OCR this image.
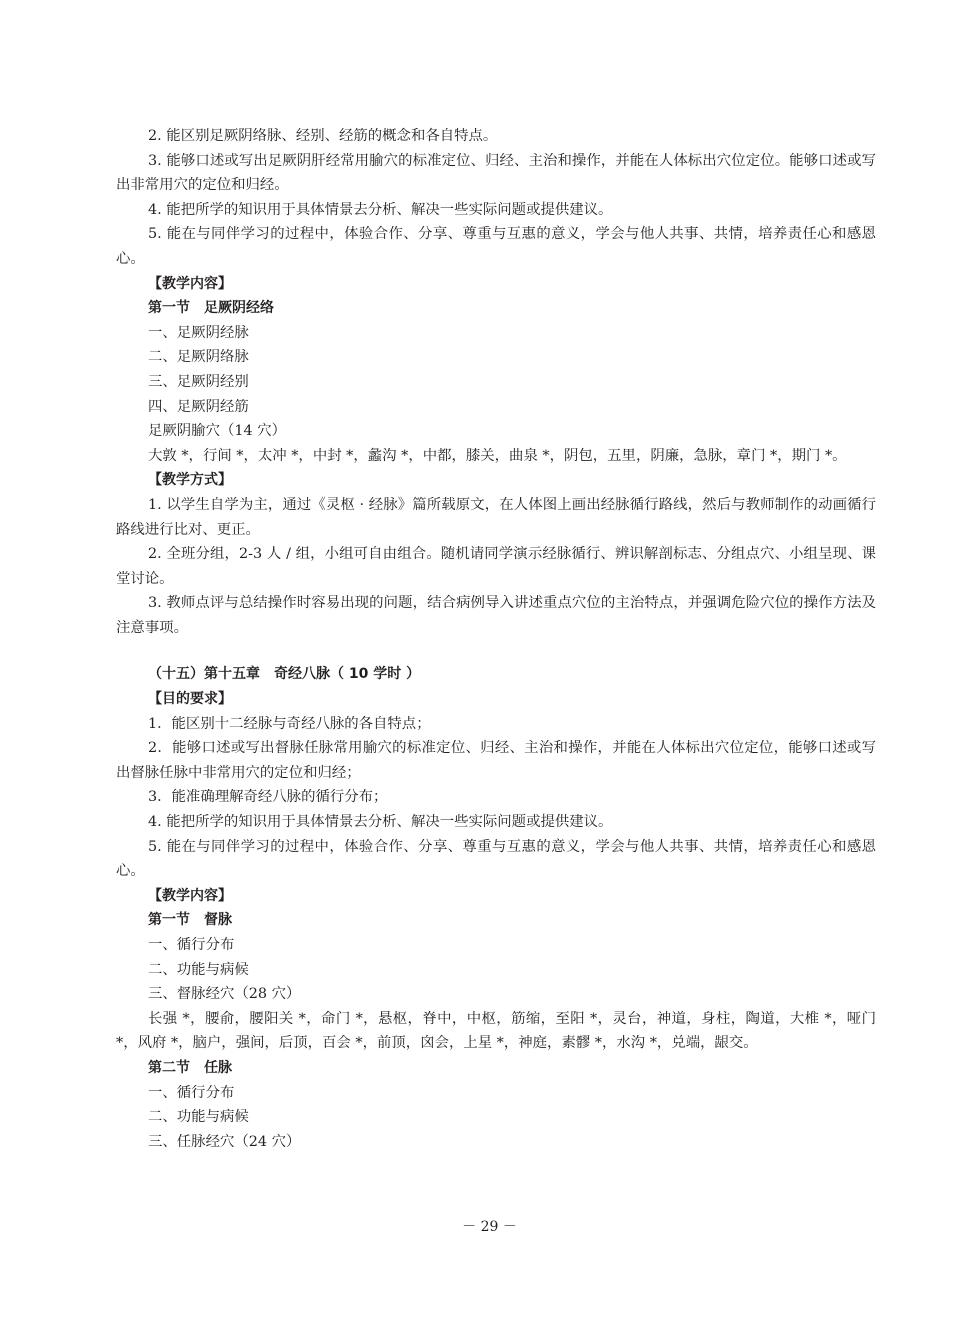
2. 能区别足厥阴络脉、经别、经筋的概念和各自特点。

3. 能够口述或写出足厥阴肝经常用腧穴的标准定位、归经、主治和操作，并能在人体标出穴位定位。能够口述或写出非常用穴的定位和归经。

4. 能把所学的知识用于具体情景去分析、解决一些实际问题或提供建议。

5. 能在与同伴学习的过程中，体验合作、分享、尊重与互惠的意义，学会与他人共事、共情，培养责任心和感恩心。

【教学内容】

第一节　足厥阴经络

一、足厥阴经脉

二、足厥阴络脉

三、足厥阴经别

四、足厥阴经筋

足厥阴腧穴（14 穴）

大敦 *，行间 *，太冲 *，中封 *，蠡沟 *，中都，膝关，曲泉 *，阴包，五里，阴廉，急脉，章门 *，期门 *。

【教学方式】

1. 以学生自学为主，通过《灵枢 · 经脉》篇所载原文，在人体图上画出经脉循行路线，然后与教师制作的动画循行路线进行比对、更正。

2. 全班分组，2-3 人 / 组，小组可自由组合。随机请同学演示经脉循行、辨识解剖标志、分组点穴、小组呈现、课堂讨论。

3. 教师点评与总结操作时容易出现的问题，结合病例导入讲述重点穴位的主治特点，并强调危险穴位的操作方法及注意事项。

（十五）第十五章　奇经八脉（ 10 学时 ）

【目的要求】

1．能区别十二经脉与奇经八脉的各自特点；

2．能够口述或写出督脉任脉常用腧穴的标准定位、归经、主治和操作，并能在人体标出穴位定位，能够口述或写出督脉任脉中非常用穴的定位和归经；

3．能准确理解奇经八脉的循行分布；

4. 能把所学的知识用于具体情景去分析、解决一些实际问题或提供建议。

5. 能在与同伴学习的过程中，体验合作、分享、尊重与互惠的意义，学会与他人共事、共情，培养责任心和感恩心。

【教学内容】

第一节　督脉

一、循行分布

二、功能与病候

三、督脉经穴（28 穴）

长强 *，腰俞，腰阳关 *，命门 *，悬枢，脊中，中枢，筋缩，至阳 *，灵台，神道，身柱，陶道，大椎 *，哑门 *，风府 *，脑户，强间，后顶，百会 *，前顶，囟会，上星 *，神庭，素髎 *，水沟 *，兑端，龈交。

第二节　任脉

一、循行分布

二、功能与病候

三、任脉经穴（24 穴）

－ 29 －
